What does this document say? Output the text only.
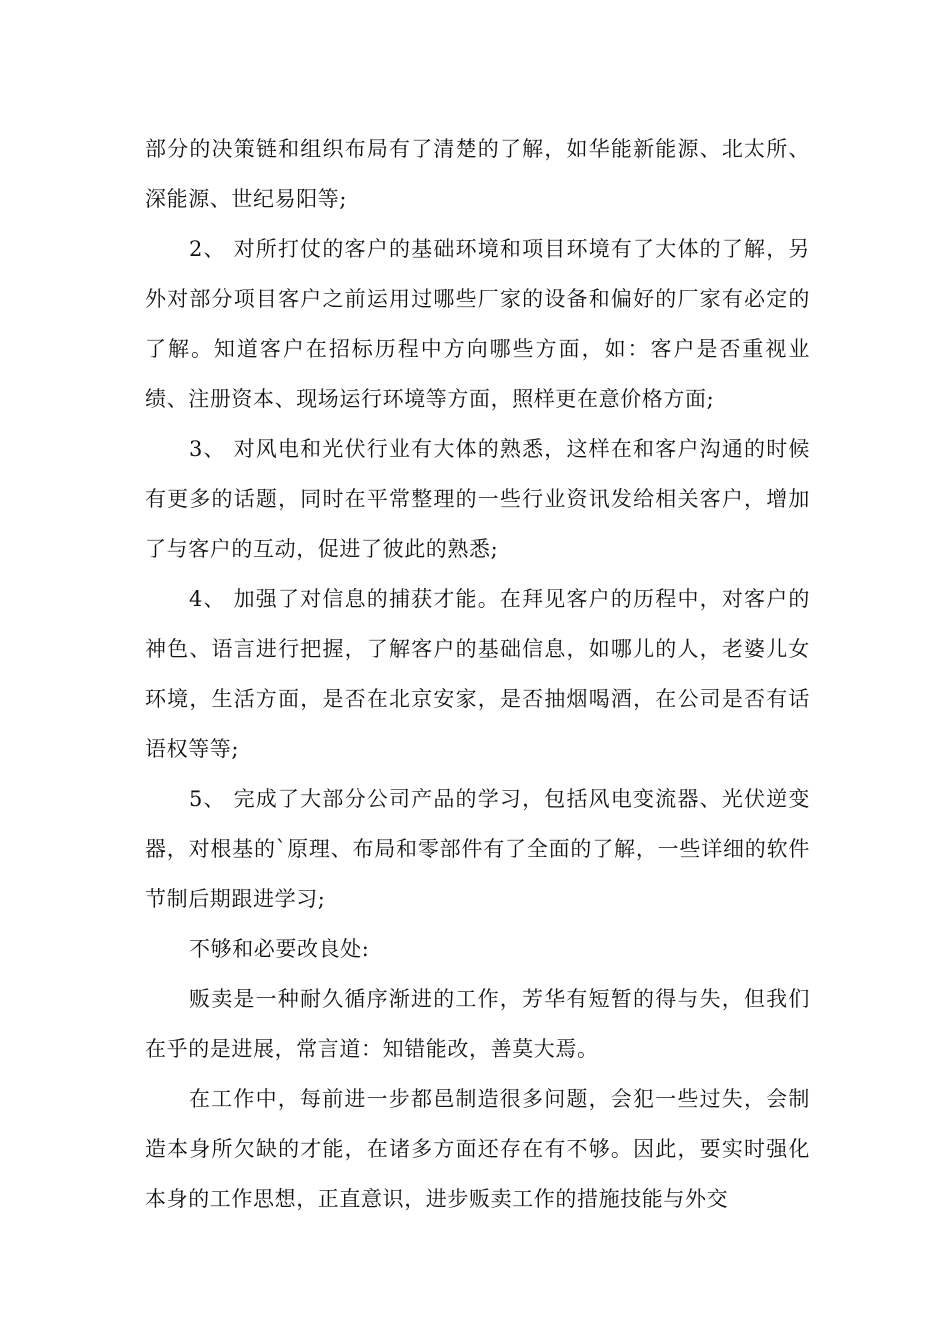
部分的决策链和组织布局有了清楚的了解，如华能新能源、北太所、深能源、世纪易阳等;

2、 对所打仗的客户的基础环境和项目环境有了大体的了解，另外对部分项目客户之前运用过哪些厂家的设备和偏好的厂家有必定的了解。知道客户在招标历程中方向哪些方面，如：客户是否重视业绩、注册资本、现场运行环境等方面，照样更在意价格方面;

3、 对风电和光伏行业有大体的熟悉，这样在和客户沟通的时候有更多的话题，同时在平常整理的一些行业资讯发给相关客户，增加了与客户的互动，促进了彼此的熟悉;

4、 加强了对信息的捕获才能。在拜见客户的历程中，对客户的神色、语言进行把握，了解客户的基础信息，如哪儿的人，老婆儿女环境，生活方面，是否在北京安家，是否抽烟喝酒，在公司是否有话语权等等;

5、 完成了大部分公司产品的学习，包括风电变流器、光伏逆变器，对根基的`原理、布局和零部件有了全面的了解，一些详细的软件节制后期跟进学习;

不够和必要改良处:

贩卖是一种耐久循序渐进的工作，芳华有短暂的得与失，但我们在乎的是进展，常言道：知错能改，善莫大焉。

在工作中，每前进一步都邑制造很多问题，会犯一些过失，会制造本身所欠缺的才能，在诸多方面还存在有不够。因此，要实时强化本身的工作思想，正直意识，进步贩卖工作的措施技能与外交
